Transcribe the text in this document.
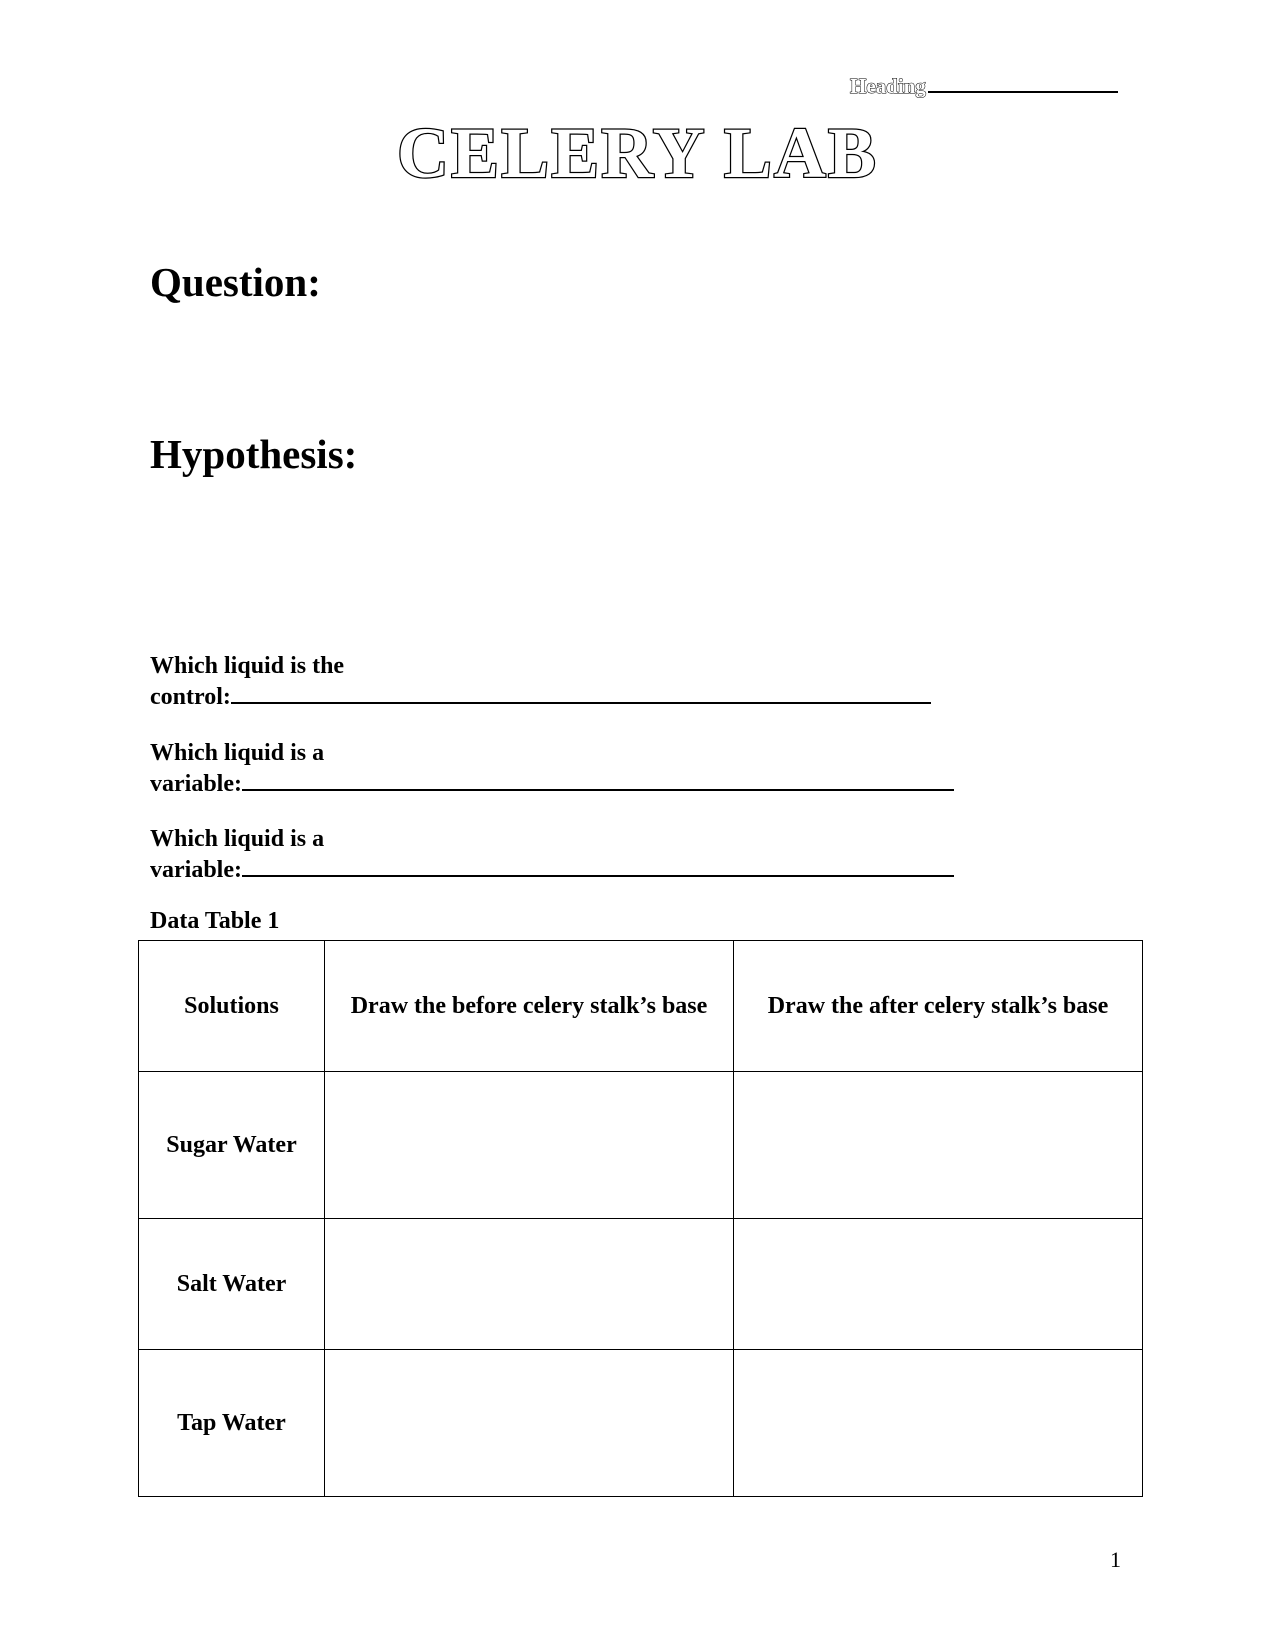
Heading
CELERY LAB
Question:
Hypothesis:
Which liquid is the
control:
Which liquid is a
variable:
Which liquid is a
variable:
Data Table 1
Solutions	Draw the before celery stalk’s base	Draw the after celery stalk’s base
Sugar Water		
Salt Water		
Tap Water		
1
